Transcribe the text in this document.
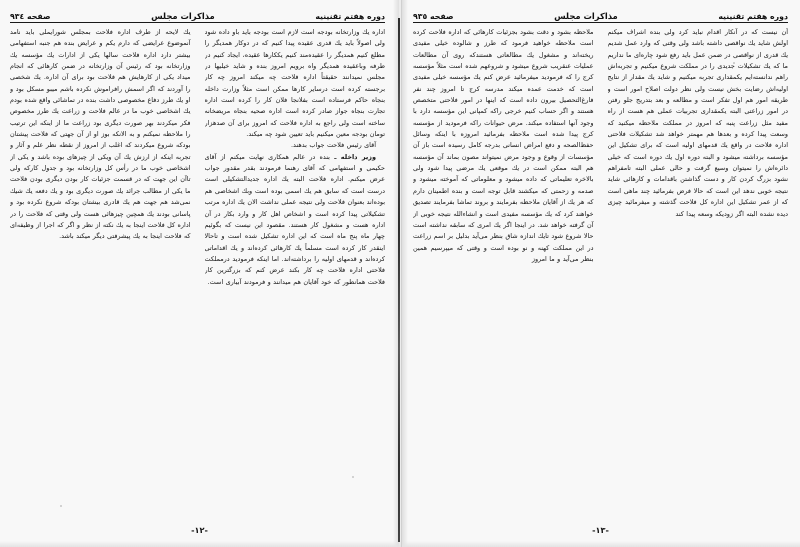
دوره هفتم تقنینیه
مذاکرات مجلس
صفحه ٩٣٥

آن نیست که در آنکار اقدام نباید کرد ولی بنده اشراف میکنم اولش شاید یك نواقصی داشته باشد ولی وقتی که وارد عمل شدیم یك قدری از نواقصی در ضمن عمل باید رفع شود چاره‌ای ما نداریم ما که یك تشکیلات جدیدی را در مملکت شروع میکنیم و تجربه‌اش راهم ندانسته‌ایم یکمقداری تجربه میکنیم و شاید یك مقدار از نتایج اولیه‌اش رضایت بخش نیست ولی نظر دولت اصلاح امور است و طریقه امور هم اول تفکر است و مطالعه و بعد بتدریج جلو رفتن در امور زراعتی البته یکمقداری تجربیات عملی هم هست از راه مفید مثل زراعت پنبه که امروز در مملکت ملاحظه میکنید که وسعت پیدا کرده و بعدها هم مهمتر خواهد شد تشکیلات فلاحتی اداره فلاحت در واقع یك قدمهای اولیه است که برای تشکیل این مؤسسه برداشته میشود و البته دوره اول یك دوره است که خیلی دائره‌اش را نمیتوان وسیع گرفت و حالی عملی البته تامفراهم نشود بزرگ کردن کار و دست گذاشتن باقدامات و کارهائی شاید نتیجه خوبی ندهد این است که حالا فرض بفرمائید چند ماهی است که از عمر تشکیل این اداره کل فلاحت گذشته و میفرمائید چیزی دیده نشده البته اگر زودیکه وسعه پیدا کند

ملاحظه بشود و دقت بشود بجزئیات کارهائی که اداره فلاحت کرده است ملاحظه خواهید فرمود که طرز و شالوده خیلی مفیدی ریخته‌اند و مشغول یك مطالعاتی هستندکه روی آن مطالعات عملیات عنقریب شروع میشود و شروعهم شده است مثلاً مؤسسه کرج را که فرمودید میفرمائید عرض کنم یك مؤسسه خیلی مفیدی است که خدمت عمده میکند مدرسه کرج تا امروز چند نفر فارغ‌التحصیل بیرون داده است که اینها در امور فلاحتی متخصص هستند و اگر حساب کنیم خرجی راکه کمپانی این مؤسسه دارد با وجود آنها استفاده میکند. مرض حیوانات راکه فرمودید از مؤسسه کرج پیدا شده است ملاحظه بفرمائید امروزه با اینکه وسائل حفظ‌الصحه و دفع امراض انسانی بدرجه کامل رسیده است باز آن مؤسسات از وقوع و وجود مرض نمیتواند مصون بماند آن مؤسسه هم البته ممکن است در یك موقعی یك مرضی پیدا شود ولی بالاخره تعلیماتی که داده میشود و معلوماتی که آموخته میشود و صدمه و زحمتی که میکشند قابل توجه است و بنده اطمینان دارم که هر یك از آقایان ملاحظه بفرمایند و بروند تماشا بفرمایند تصدیق خواهند کرد که یك مؤسسه مفیدی است و انشاءالله نتیجه خوبی از آن گرفته خواهد شد. در اینجا اگر یك امری که سابقه نداشته است حالا شروع شود تایك اندازه شاق بنظر می‌آید بدلیل بر اسم زراعت در این مملکت کهنه و نو بوده است و وقتی که میپرسیم همین بنظر می‌آید و ما امروز

-١٣-
دوره هفتم تقنینیه
مذاکرات مجلس
صفحه ٩٣٤

اداره یك وزارتخانه بودجه است لازم است بودجه باید باو داده شود ولی اصولاً باید یك قدری عقیده پیدا کنیم که در دوکار همدیگر را مطلع کنیم همدیگر را عقیده‌مند کنیم یککارها عقیده، ایجاد کنیم در طرفه وباعقیده همدیگر واه برویم امروز بنده و شاید خیلیها در مجلس نمیدانند حقیقتاً اداره فلاحت چه میکند امروز چه کار برجسته کرده است درسایر کارها ممکن است مثلاً وزارت داخله بنجاه حاکم فرستاده است بفلانجا فلان کار را کرده است اداره تجارت بنجاه جواز صادر کرده است اداره صحیه بنجاه مریضخانه ساخته است ولی راجع به اداره فلاحت که امروز برای آن صدهزار تومان بودجه معین میکنیم باید تعیین شود چه میکند.

آقای رئیس فلاحت جواب بدهند.

وزیر داخله ـ بنده در عالم همکاری نهایت میکنم از آقای حکیمی و استفهامی که آقای رهنما فرمودند بقدر مقدور جواب عرض میکنم. اداره فلاحت البته یك اداره جدیدالتشکیلی است درست است که سابق هم یك اسمی بوده است وبك اشخاصی هم بوده‌اند بعنوان فلاحت ولی نتیجه عملی نداشت الان یك اداره مرتب تشکیلاتی پیدا کرده است و اشخاص اهل کار و وارد بکار در آن اداره هست و مشغول کار هستند. مقصود این نیست که بگوئیم چهار ماه پنج ماه است که این اداره تشکیل شده است و تاحالا اینقدر کار کرده است مسلماً یك کارهائی کرده‌اند و یك اقداماتی کرده‌اند و قدمهای اولیه را برداشته‌اند. اما اینکه فرمودید درمملکت فلاحتی اداره فلاحت چه کار بکند عرض کنم که بزرگترین کار فلاحت همانطور که خود آقایان هم میدانند و فرمودند آبیاری است.

یك لایحه از طرف اداره فلاحت بمجلس شورایملی باید نامد آنموضوع عرایضی که دارم یکم و عرایض بنده هم جنبه استفهامی بیشتر دارد اداره فلاحت سالها یکی از ادارات یك مؤسسه یك وزارتخانه بود که رئیس آن وزارتخانه در ضمن کارهائی که انجام میداد یکی از کارهایش هم فلاحت بود برای آن اداره. یك شخصی را آوردند که اگر اسمش رافراموش نکرده باشم میبو مسکل بود و او یك طرز دفاع مخصوصی داشت بنده در تماشائی واقع شده بودم یك اشخاصی خوب ما در عالم فلاحت و زراعت یك طرز مخصوص فکر میکردند بهر صورت دیگری بود زراعت ما از اینکه این ترتیب را ملاحظه نمیکنم و به الانکه بوز او از آن جهتی که فلاحت پیشتان بودکه شروع میکردند که اغلب از امروز از نقطه نظر علم و آثار و تجربه اینکه از ارزش یك آن ویکی از چیزهای بوده باشد و یکی از اشخاصی خوب ما در رأس کل وزارتخانه بود و جدول کارکه ولی تاآن این جهت که در قسمت جزئیات کار بودن دیگری بودن فلاحت ما یکی از مطالب جرائد یك صورت دیگری بود و یك دفعه یك شیك نمی‌شد هم جهت هم یك قادری بیشتان بودکه شروع نکرده بود و پاسانی بودند یك همچین چیزهائی هست ولی وقتی که فلاحت را در اداره کل فلاحت اینجا به یك نکته از نظر و اگر که اجرا از وظیفه‌ای که فلاحت اینجا به یك پیشرفتی دیگر میکند باشد.

-١٢-
